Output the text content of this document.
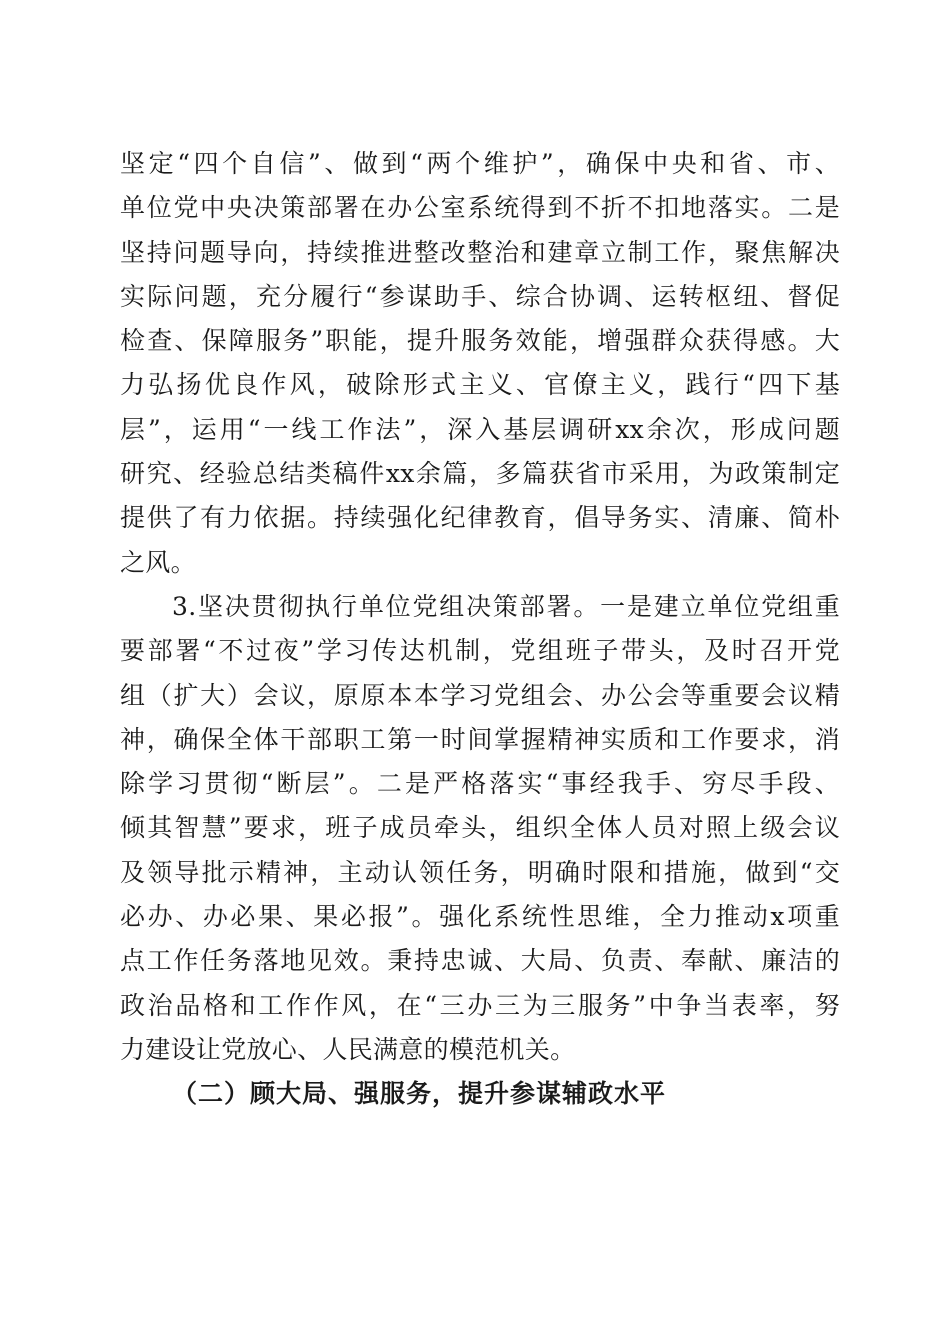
坚定“四个自信”、做到“两个维护”，确保中央和省、市、
单位党中央决策部署在办公室系统得到不折不扣地落实。二是
坚持问题导向，持续推进整改整治和建章立制工作，聚焦解决
实际问题，充分履行“参谋助手、综合协调、运转枢纽、督促
检查、保障服务”职能，提升服务效能，增强群众获得感。大
力弘扬优良作风，破除形式主义、官僚主义，践行“四下基
层”，运用“一线工作法”，深入基层调研xx余次，形成问题
研究、经验总结类稿件xx余篇，多篇获省市采用，为政策制定
提供了有力依据。持续强化纪律教育，倡导务实、清廉、简朴
之风。
3.坚决贯彻执行单位党组决策部署。一是建立单位党组重
要部署“不过夜”学习传达机制，党组班子带头，及时召开党
组（扩大）会议，原原本本学习党组会、办公会等重要会议精
神，确保全体干部职工第一时间掌握精神实质和工作要求，消
除学习贯彻“断层”。二是严格落实“事经我手、穷尽手段、
倾其智慧”要求，班子成员牵头，组织全体人员对照上级会议
及领导批示精神，主动认领任务，明确时限和措施，做到“交
必办、办必果、果必报”。强化系统性思维，全力推动x项重
点工作任务落地见效。秉持忠诚、大局、负责、奉献、廉洁的
政治品格和工作作风，在“三办三为三服务”中争当表率，努
力建设让党放心、人民满意的模范机关。
（二）顾大局、强服务，提升参谋辅政水平
